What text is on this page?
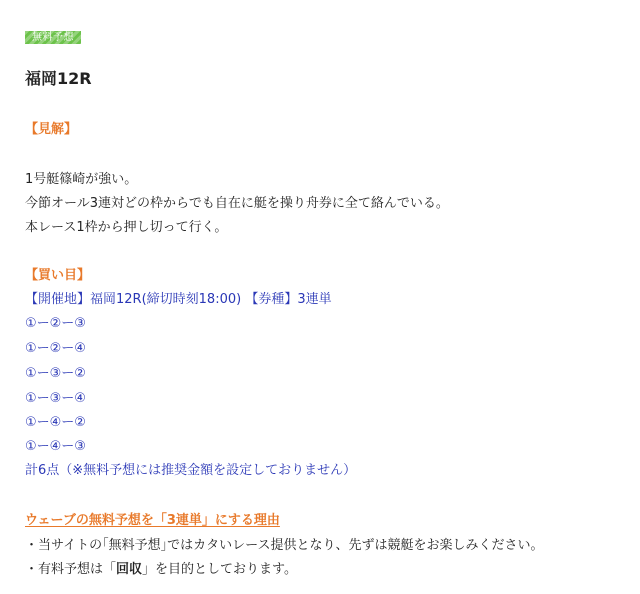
無料予想
福岡12R
【見解】
1号艇篠崎が強い。
今節オール3連対どの枠からでも自在に艇を操り舟券に全て絡んでいる。
本レース1枠から押し切って行く。
【買い目】
【開催地】福岡12R(締切時刻18:00) 【券種】3連単
①ー②ー③
①ー②ー④
①ー③ー②
①ー③ー④
①ー④ー②
①ー④ー③
計6点（※無料予想には推奨金額を設定しておりません）
ウェーブの無料予想を「3連単」にする理由
・当サイトの｢無料予想｣ではカタいレース提供となり、先ずは競艇をお楽しみください。
・有料予想は「回収」を目的としております。
